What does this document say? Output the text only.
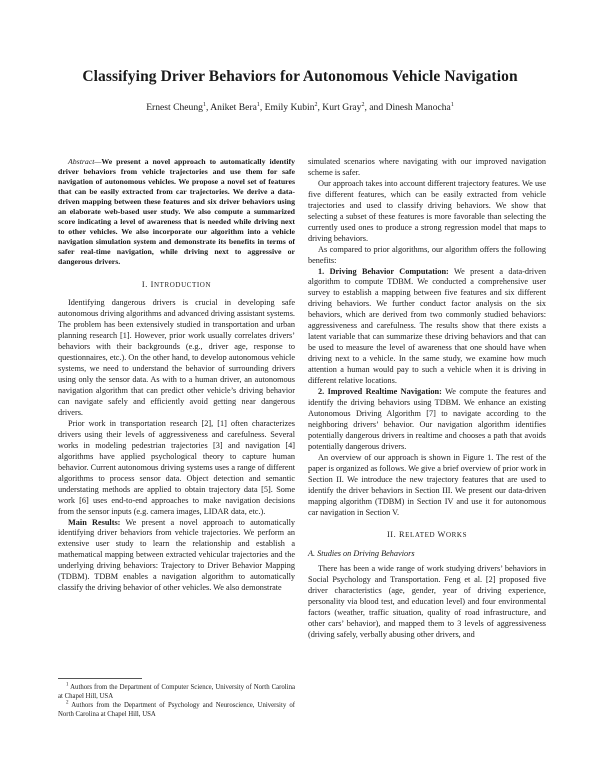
Classifying Driver Behaviors for Autonomous Vehicle Navigation
Ernest Cheung$^1$, Aniket Bera$^1$, Emily Kubin$^2$, Kurt Gray$^2$, and Dinesh Manocha$^1$

Abstract—We present a novel approach to automatically identify driver behaviors from vehicle trajectories and use them for safe navigation of autonomous vehicles. We propose a novel set of features that can be easily extracted from car trajectories. We derive a data-driven mapping between these features and six driver behaviors using an elaborate web-based user study. We also compute a summarized score indicating a level of awareness that is needed while driving next to other vehicles. We also incorporate our algorithm into a vehicle navigation simulation system and demonstrate its benefits in terms of safer real-time navigation, while driving next to aggressive or dangerous drivers.

I. INTRODUCTION

Identifying dangerous drivers is crucial in developing safe autonomous driving algorithms and advanced driving assistant systems. The problem has been extensively studied in transportation and urban planning research [1]. However, prior work usually correlates drivers’ behaviors with their backgrounds (e.g., driver age, response to questionnaires, etc.). On the other hand, to develop autonomous vehicle systems, we need to understand the behavior of surrounding drivers using only the sensor data. As with to a human driver, an autonomous navigation algorithm that can predict other vehicle’s driving behavior can navigate safely and efficiently avoid getting near dangerous drivers.

Prior work in transportation research [2], [1] often characterizes drivers using their levels of aggressiveness and carefulness. Several works in modeling pedestrian trajectories [3] and navigation [4] algorithms have applied psychological theory to capture human behavior. Current autonomous driving systems uses a range of different algorithms to process sensor data. Object detection and semantic understating methods are applied to obtain trajectory data [5]. Some work [6] uses end-to-end approaches to make navigation decisions from the sensor inputs (e.g. camera images, LIDAR data, etc.).

Main Results: We present a novel approach to automatically identifying driver behaviors from vehicle trajectories. We perform an extensive user study to learn the relationship and establish a mathematical mapping between extracted vehicular trajectories and the underlying driving behaviors: Trajectory to Driver Behavior Mapping (TDBM). TDBM enables a navigation algorithm to automatically classify the driving behavior of other vehicles. We also demonstrate

$^1$ Authors from the Department of Computer Science, University of North Carolina at Chapel Hill, USA

$^2$ Authors from the Department of Psychology and Neuroscience, University of North Carolina at Chapel Hill, USA

simulated scenarios where navigating with our improved navigation scheme is safer.

Our approach takes into account different trajectory features. We use five different features, which can be easily extracted from vehicle trajectories and used to classify driving behaviors. We show that selecting a subset of these features is more favorable than selecting the currently used ones to produce a strong regression model that maps to driving behaviors.

As compared to prior algorithms, our algorithm offers the following benefits:

1. Driving Behavior Computation: We present a data-driven algorithm to compute TDBM. We conducted a comprehensive user survey to establish a mapping between five features and six different driving behaviors. We further conduct factor analysis on the six behaviors, which are derived from two commonly studied behaviors: aggressiveness and carefulness. The results show that there exists a latent variable that can summarize these driving behaviors and that can be used to measure the level of awareness that one should have when driving next to a vehicle. In the same study, we examine how much attention a human would pay to such a vehicle when it is driving in different relative locations.

2. Improved Realtime Navigation: We compute the features and identify the driving behaviors using TDBM. We enhance an existing Autonomous Driving Algorithm [7] to navigate according to the neighboring drivers’ behavior. Our navigation algorithm identifies potentially dangerous drivers in realtime and chooses a path that avoids potentially dangerous drivers.

An overview of our approach is shown in Figure 1. The rest of the paper is organized as follows. We give a brief overview of prior work in Section II. We introduce the new trajectory features that are used to identify the driver behaviors in Section III. We present our data-driven mapping algorithm (TDBM) in Section IV and use it for autonomous car navigation in Section V.

II. RELATED WORKS
A. Studies on Driving Behaviors

There has been a wide range of work studying drivers’ behaviors in Social Psychology and Transportation. Feng et al. [2] proposed five driver characteristics (age, gender, year of driving experience, personality via blood test, and education level) and four environmental factors (weather, traffic situation, quality of road infrastructure, and other cars’ behavior), and mapped them to 3 levels of aggressiveness (driving safely, verbally abusing other drivers, and
